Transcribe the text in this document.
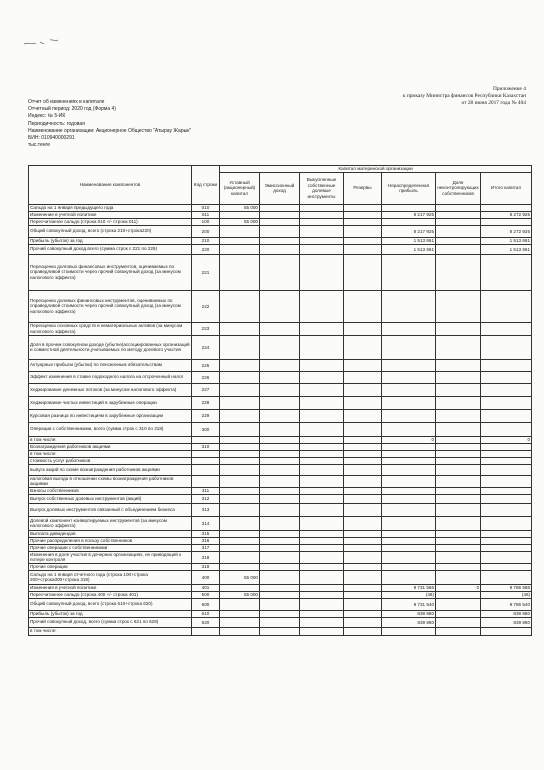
Приложение 4
к приказу Министра финансов Республики Казахстан
от 28 июня 2017 года № 404
Отчет об изменениях в капитале
Отчетный период: 2020 год (Форма 4)
Индекс: № 5-ИК
Периодичность: годовая
Наименование организации: Акционерное Общество "Атырау Жарык"
БИН: 010940000291
тыс.тенге
Наименование компонентов	Код строки	Капитал материнской организации						
		Уставный (акционерный) капитал	Эмиссионный доход	Выкупленные собственные долевые инструменты	Резервы	Нераспределенная прибыль	Доля неконтролирующих собственников	Итого капитал
Сальдо на 1 января предыдущего года	010	55 000						
Изменение в учетной политике	011					8 217 925		8 272 925
Пересчитанное сальдо (строка 010 +/- строка 011)	100	55 000						
Общий совокупный доход, всего (строка 210+строка220)	200					8 217 925		8 272 925
Прибыль (убыток) за год	210					1 513 661		1 513 661
Прочий совокупный доход,всего (сумма строк с 221 по 229)	220					1 513 661		1 513 661
Переоценка долговых финансовых инструментов, оцениваемых по справедливой стоимости через прочий совокупный доход (за минусом налогового эффекта)	221							
Переоценка долевых финансовых инструментов, оцениваемых по справедливой стоимости через прочий совокупный доход (за минусом налогового эффекта)	222							
Переоценка основных средств и нематериальных активов (за минусом налогового эффекта)	223							
Доля в прочем совокупном доходе (убытке)ассоциированных организаций и совместной деятельности,учитываемых по методу долевого участия	224							
Актуарные прибыли (убытки) по пенсионным обязательствам	225							
Эффект изменения в ставке подоходного налога на отсроченный налог	226							
Хеджирование денежных потоков (за минусом налогового эффекта)	227							
Хеджирование чистых инвестиций в зарубежные операции	228							
Курсовая разница по инвестициям в зарубежные организации	229							
Операции с собственниками, всего (сумма строк с 310 по 318)	300							
в том числе:						0		0
Вознаграждения работников акциями	310							
в том числе:								
стоимость услуг работников								
выпуск акций по схеме вознаграждения работников акциями								
налоговая выгода в отношении схемы вознаграждения работников акциями								
Взносы собственников	311							
Выпуск собственных долевых инструментов (акций)	312							
Выпуск долевых инструментов связанный с объединением бизнеса	313							
Долевой компонент конвертируемых инструментов (за минусом налогового эффекта)	314							
Выплата дивидендов	315							
Прочие распределения в пользу собственников	316							
Прочие операции с собственниками	317							
Изменения в доле участия в дочерних организациях, не приводящей к потере контроля	318							
Прочие операции	319							
Сальдо на 1 января отчетного года (строка 100+строка 200+строка300+строка 319)	400	55 000						
Изменения в учетной политике	401					9 731 586	0	9 786 586
Пересчитанное сальдо (строка 400 +/- строка 401)	500	55 000				(46)		(46)
Общий совокупный доход, всего (строка 610+строка 620)	600					9 731 540		9 786 540
Прибыль (убыток) за год	610					839 860		839 860
Прочий совокупный доход, всего (сумма строк с 621 по 629)	620					839 860		839 860
в том числе:								
